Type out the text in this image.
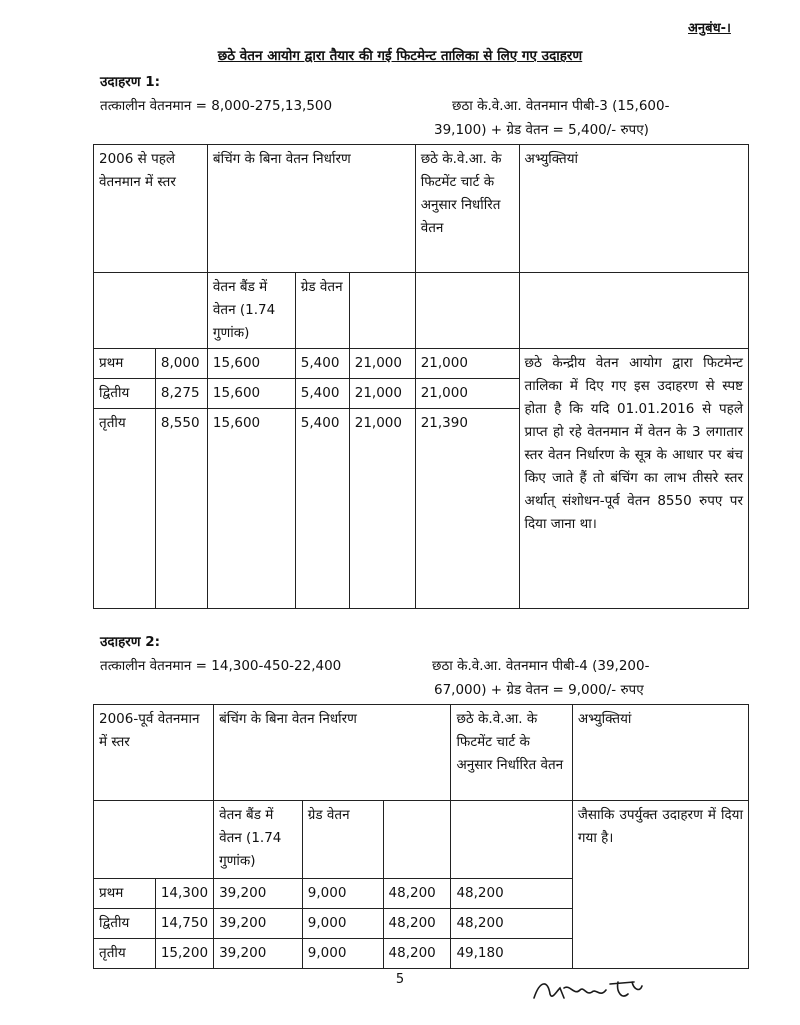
अनुबंध-।
छठे वेतन आयोग द्वारा तैयार की गई फिटमेन्ट तालिका से लिए गए उदाहरण
उदाहरण 1:
तत्कालीन वेतनमान = 8,000-275,13,500	छठा के.वे.आ. वेतनमान पीबी-3 (15,600-
39,100) + ग्रेड वेतन = 5,400/- रुपए)
2006 से पहले वेतनमान में स्तर		बंचिंग के बिना वेतन निर्धारण			छठे के.वे.आ. के फिटमेंट चार्ट के अनुसार निर्धारित वेतन	अभ्युक्तियां
		वेतन बैंड में वेतन (1.74 गुणांक)	ग्रेड वेतन			
प्रथम	8,000	15,600	5,400	21,000	21,000	छठे केन्द्रीय वेतन आयोग द्वारा फिटमेन्ट तालिका में दिए गए इस उदाहरण से स्पष्ट होता है कि यदि 01.01.2016 से पहले प्राप्त हो रहे वेतनमान में वेतन के 3 लगातार स्तर वेतन निर्धारण के सूत्र के आधार पर बंच किए जाते हैं तो बंचिंग का लाभ तीसरे स्तर अर्थात् संशोधन-पूर्व वेतन 8550 रुपए पर दिया जाना था।
द्वितीय	8,275	15,600	5,400	21,000	21,000	
तृतीय	8,550	15,600	5,400	21,000	21,390	
उदाहरण 2:
तत्कालीन वेतनमान = 14,300-450-22,400	छठा के.वे.आ. वेतनमान पीबी-4 (39,200-
67,000) + ग्रेड वेतन = 9,000/- रुपए
2006-पूर्व वेतनमान में स्तर		बंचिंग के बिना वेतन निर्धारण			छठे के.वे.आ. के फिटमेंट चार्ट के अनुसार निर्धारित वेतन	अभ्युक्तियां
		वेतन बैंड में वेतन (1.74 गुणांक)	ग्रेड वेतन			जैसाकि उपर्युक्त उदाहरण में दिया गया है।
प्रथम	14,300	39,200	9,000	48,200	48,200	
द्वितीय	14,750	39,200	9,000	48,200	48,200	
तृतीय	15,200	39,200	9,000	48,200	49,180	
5
